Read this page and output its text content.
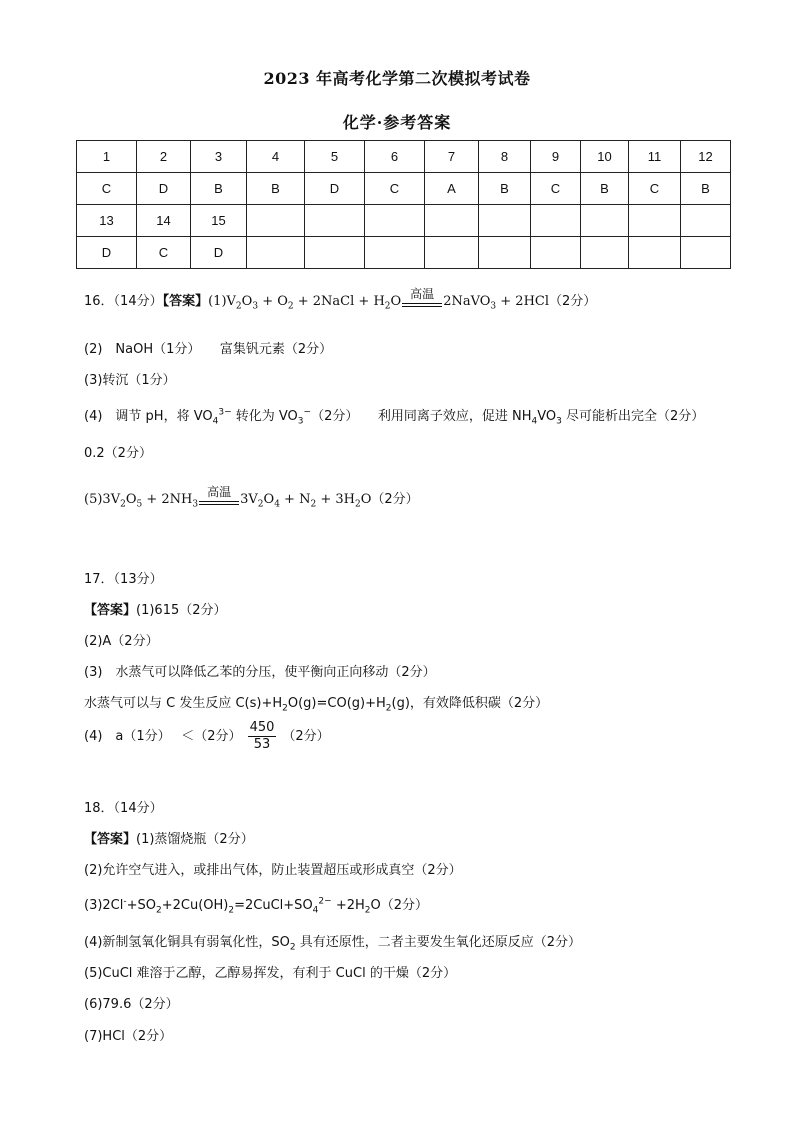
2023 年高考化学第二次模拟考试卷
化学·参考答案
1	2	3	4	5	6	7	8	9	10	11	12
C	D	B	B	D	C	A	B	C	B	C	B
13	14	15									
D	C	D									
16．（14分）【答案】$(1)V_2O_3 + O_2$ + 2NaCl + $H_2O$
高温
2NaVO$_3$ + 2HCl（2分）
(2)　NaOH（1分）　　富集钒元素（2分）
(3)转沉（1分）
(4)　调节 pH，将 $VO_4^{3-}$ 转化为 $VO_3^-(2$分）　　利用同离子效应，促进 $NH_4VO_3$ 尽可能析出完全（2分）
0.2（2分）
$(5)3V_2O_5 + 2NH_3$
高温
$3V_2O_4 + N_2 + 3H_2O(2$分）
17．（13分）
【答案】(1)615（2分）
(2)A（2分）
(3)　水蒸气可以降低乙苯的分压，使平衡向正向移动（2分）
水蒸气可以与 C 发生反应 $C(s)+H_2O(g)=CO(g)+H_2(g)$，有效降低积碳（2分）
(4)　a（1分）　 ＜（2分） $\frac{450}{53} (2$分）
18．（14分）
【答案】(1)蒸馏烧瓶（2分）
(2)允许空气进入，或排出气体，防止装置超压或形成真空（2分）
$(3)2Cl^-+SO_2+2Cu(OH)_2=2CuCl+SO_4^{2-} +2H_2O(2$分）
(4)新制氢氧化铜具有弱氧化性，$SO_2$ 具有还原性，二者主要发生氧化还原反应（2分）
(5)CuCl 难溶于乙醇，乙醇易挥发，有利于 CuCl 的干燥（2分）
(6)79.6（2分）
(7)HCl（2分）
